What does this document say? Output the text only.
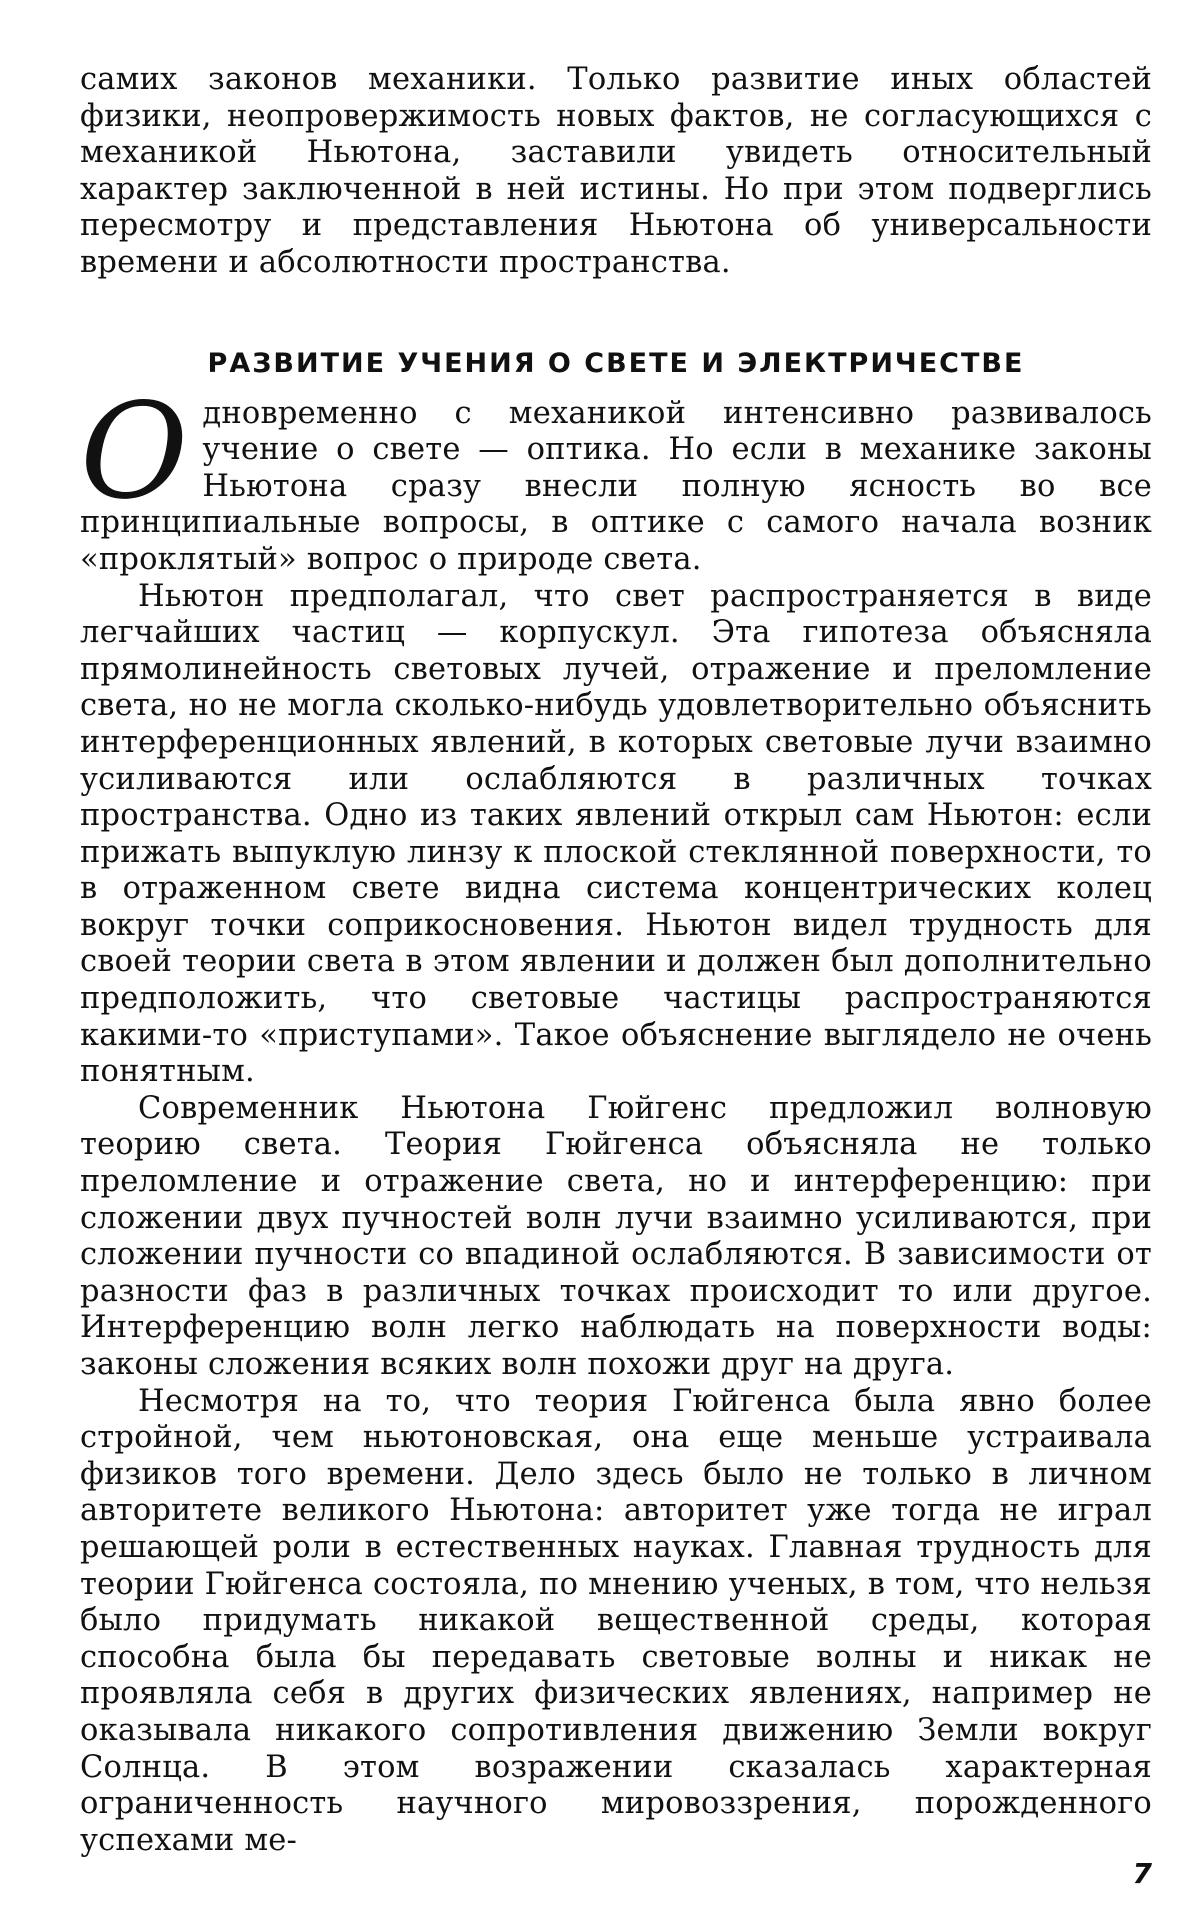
самих законов механики. Только развитие иных областей физики, неопровержимость новых фактов, не согласующихся с механикой Ньютона, заставили увидеть относительный характер заключенной в ней истины. Но при этом подверглись пересмотру и представления Ньютона об универсальности времени и абсолютности пространства.

РАЗВИТИЕ УЧЕНИЯ О СВЕТЕ И ЭЛЕКТРИЧЕСТВЕ

Одновременно с механикой интенсивно развивалось учение о свете — оптика. Но если в механике законы Ньютона сразу внесли полную ясность во все принципиальные вопросы, в оптике с самого начала возник «проклятый» вопрос о природе света.

Ньютон предполагал, что свет распространяется в виде легчайших частиц — корпускул. Эта гипотеза объясняла прямолинейность световых лучей, отражение и преломление света, но не могла сколько-нибудь удовлетворительно объяснить интерференционных явлений, в которых световые лучи взаимно усиливаются или ослабляются в различных точках пространства. Одно из таких явлений открыл сам Ньютон: если прижать выпуклую линзу к плоской стеклянной поверхности, то в отраженном свете видна система концентрических колец вокруг точки соприкосновения. Ньютон видел трудность для своей теории света в этом явлении и должен был дополнительно предположить, что световые частицы распространяются какими-то «приступами». Такое объяснение выглядело не очень понятным.

Современник Ньютона Гюйгенс предложил волновую теорию света. Теория Гюйгенса объясняла не только преломление и отражение света, но и интерференцию: при сложении двух пучностей волн лучи взаимно усиливаются, при сложении пучности со впадиной ослабляются. В зависимости от разности фаз в различных точках происходит то или другое. Интерференцию волн легко наблюдать на поверхности воды: законы сложения всяких волн похожи друг на друга.

Несмотря на то, что теория Гюйгенса была явно более стройной, чем ньютоновская, она еще меньше устраивала физиков того времени. Дело здесь было не только в личном авторитете великого Ньютона: авторитет уже тогда не играл решающей роли в естественных науках. Главная трудность для теории Гюйгенса состояла, по мнению ученых, в том, что нельзя было придумать никакой вещественной среды, которая способна была бы передавать световые волны и никак не проявляла себя в других физических явлениях, например не оказывала никакого сопротивления движению Земли вокруг Солнца. В этом возражении сказалась характерная ограниченность научного мировоззрения, порожденного успехами ме-

7
